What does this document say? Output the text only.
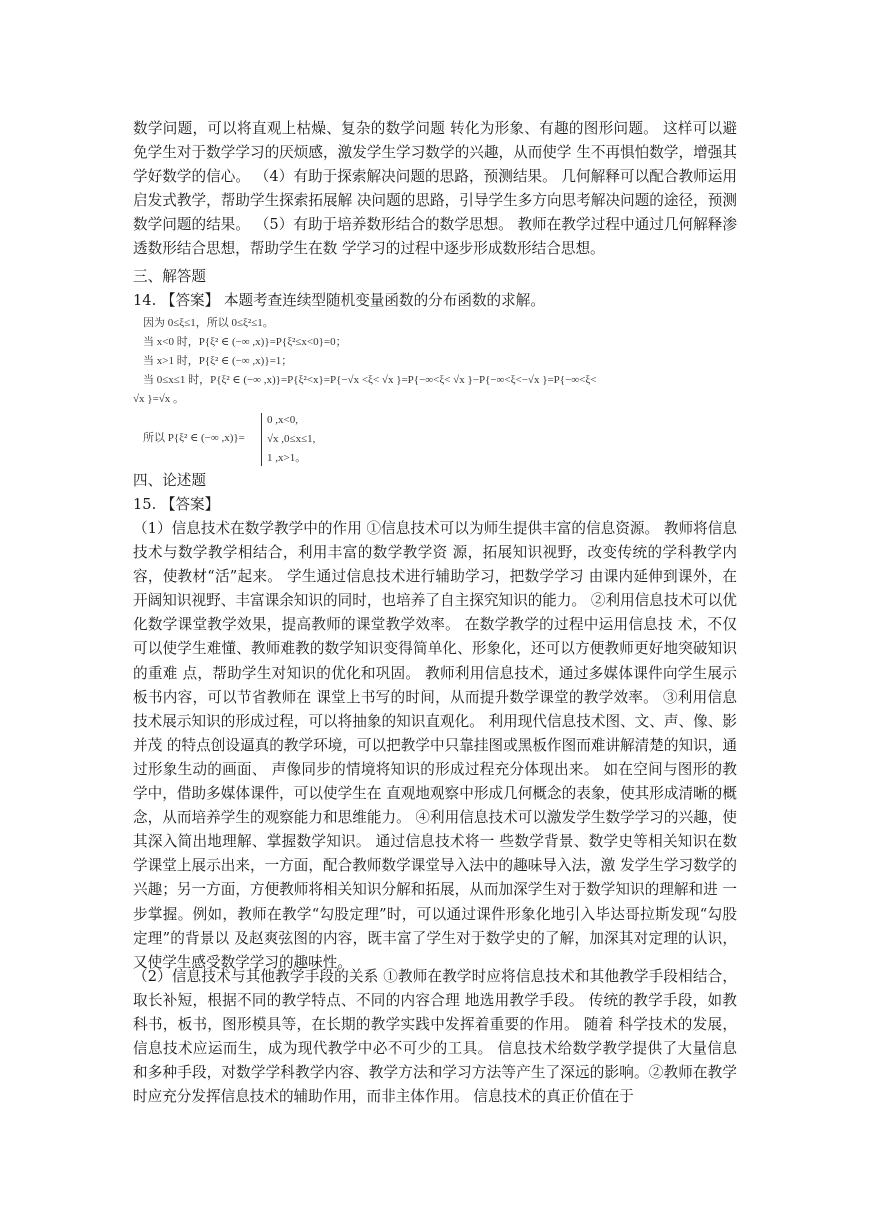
数学问题，可以将直观上枯燥、复杂的数学问题 转化为形象、有趣的图形问题。 这样可以避免学生对于数学学习的厌烦感，激发学生学习数学的兴趣，从而使学 生不再惧怕数学，增强其学好数学的信心。 （4）有助于探索解决问题的思路，预测结果。 几何解释可以配合教师运用启发式教学，帮助学生探索拓展解 决问题的思路，引导学生多方向思考解决问题的途径，预测数学问题的结果。 （5）有助于培养数形结合的数学思想。 教师在教学过程中通过几何解释渗透数形结合思想，帮助学生在数 学学习的过程中逐步形成数形结合思想。

三、解答题

14. 【答案】 本题考查连续型随机变量函数的分布函数的求解。

因为 0≤ξ≤1，所以 0≤ξ²≤1。
当 x<0 时，P{ξ² ∈ (−∞ ,x)}=P{ξ²≤x<0}=0；
当 x>1 时，P{ξ² ∈ (−∞ ,x)}=1；
当 0≤x≤1 时，P{ξ² ∈ (−∞ ,x)}=P{ξ²<x}=P{−√x <ξ< √x }=P{−∞<ξ< √x }−P{−∞<ξ<−√x }=P{−∞<ξ<
√x }=√x 。
所以 P{ξ² ∈ (−∞ ,x)}=
0 ,x<0,
√x ,0≤x≤1,
1 ,x>1。

四、论述题

15. 【答案】

（1）信息技术在数学教学中的作用 ①信息技术可以为师生提供丰富的信息资源。 教师将信息技术与数学教学相结合，利用丰富的数学教学资 源，拓展知识视野，改变传统的学科教学内容，使教材“活”起来。 学生通过信息技术进行辅助学习，把数学学习 由课内延伸到课外，在开阔知识视野、丰富课余知识的同时，也培养了自主探究知识的能力。 ②利用信息技术可以优化数学课堂教学效果，提高教师的课堂教学效率。 在数学教学的过程中运用信息技 术，不仅可以使学生难懂、教师难教的数学知识变得简单化、形象化，还可以方便教师更好地突破知识的重难 点，帮助学生对知识的优化和巩固。 教师利用信息技术，通过多媒体课件向学生展示板书内容，可以节省教师在 课堂上书写的时间，从而提升数学课堂的教学效率。 ③利用信息技术展示知识的形成过程，可以将抽象的知识直观化。 利用现代信息技术图、文、声、像、影并茂 的特点创设逼真的教学环境，可以把教学中只靠挂图或黑板作图而难讲解清楚的知识，通过形象生动的画面、 声像同步的情境将知识的形成过程充分体现出来。 如在空间与图形的教学中，借助多媒体课件，可以使学生在 直观地观察中形成几何概念的表象，使其形成清晰的概念，从而培养学生的观察能力和思维能力。 ④利用信息技术可以激发学生数学学习的兴趣，使其深入简出地理解、掌握数学知识。 通过信息技术将一 些数学背景、数学史等相关知识在数学课堂上展示出来，一方面，配合教师数学课堂导入法中的趣味导入法，激 发学生学习数学的兴趣；另一方面，方便教师将相关知识分解和拓展，从而加深学生对于数学知识的理解和进 一步掌握。例如，教师在教学“勾股定理”时，可以通过课件形象化地引入毕达哥拉斯发现“勾股定理”的背景以 及赵爽弦图的内容，既丰富了学生对于数学史的了解，加深其对定理的认识，又使学生感受数学学习的趣味性。

（2）信息技术与其他教学手段的关系 ①教师在教学时应将信息技术和其他教学手段相结合，取长补短，根据不同的教学特点、不同的内容合理 地选用教学手段。 传统的教学手段，如教科书，板书，图形模具等，在长期的教学实践中发挥着重要的作用。 随着 科学技术的发展，信息技术应运而生，成为现代教学中必不可少的工具。 信息技术给数学教学提供了大量信息 和多种手段，对数学学科教学内容、教学方法和学习方法等产生了深远的影响。②教师在教学时应充分发挥信息技术的辅助作用，而非主体作用。 信息技术的真正价值在于
